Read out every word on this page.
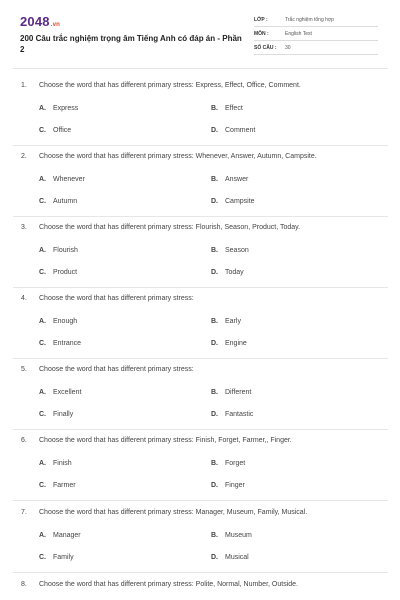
2048.vn
200 Câu trắc nghiệm trọng âm Tiếng Anh có đáp án - Phần 2
LỚP :	Trắc nghiệm tổng hợp
MÔN :	English Test
SỐ CÂU : 30
1. Choose the word that has different primary stress: Express, Effect, Office, Comment.
A. Express	B. Effect
C. Office	D. Comment
2. Choose the word that has different primary stress: Whenever, Answer, Autumn, Campsite.
A. Whenever	B. Answer
C. Autumn	D. Campsite
3. Choose the word that has different primary stress: Flourish, Season, Product, Today.
A. Flourish	B. Season
C. Product	D. Today
4. Choose the word that has different primary stress:
A. Enough	B. Early
C. Entrance	D. Engine
5. Choose the word that has different primary stress:
A. Excellent	B. Different
C. Finally	D. Fantastic
6. Choose the word that has different primary stress: Finish, Forget, Farmer,, Finger.
A. Finish	B. Forget
C. Farmer	D. Finger
7. Choose the word that has different primary stress: Manager, Museum, Family, Musical.
A. Manager	B. Museum
C. Family	D. Musical
8. Choose the word that has different primary stress: Polite, Normal, Number, Outside.
